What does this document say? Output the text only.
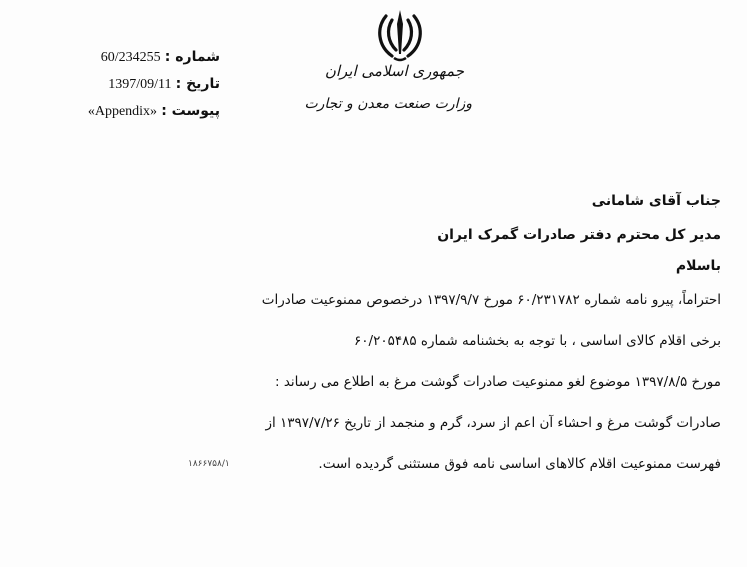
شماره : 60/234255
تاريخ : 1397/09/11
پيوست : «Appendix»
جمهوری اسلامی ایران
وزارت صنعت معدن و تجارت
جناب آقای شامانی
مدیر کل محترم دفتر صادرات گمرک ایران
باسلام
احتراماً، پیرو نامه شماره ۶۰/۲۳۱۷۸۲ مورخ ۱۳۹۷/۹/۷ درخصوص ممنوعیت صادرات
برخی اقلام کالای اساسی ، با توجه به بخشنامه شماره ۶۰/۲۰۵۴۸۵
مورخ ۱۳۹۷/۸/۵ موضوع لغو ممنوعیت صادرات گوشت مرغ به اطلاع می رساند :
صادرات گوشت مرغ و احشاء آن اعم از سرد، گرم و منجمد از تاریخ ۱۳۹۷/۷/۲۶ از
فهرست ممنوعیت اقلام کالاهای اساسی نامه فوق مستثنی گردیده است.
۱۸۶۶۷۵۸/۱
